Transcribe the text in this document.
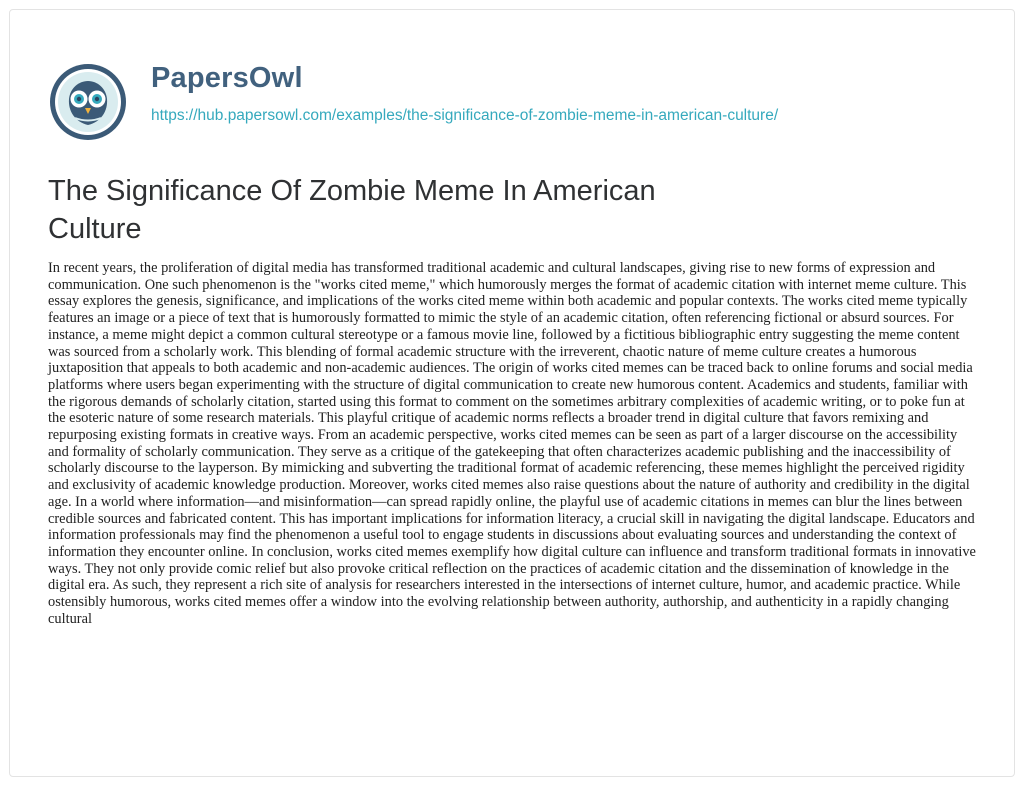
PapersOwl
https://hub.papersowl.com/examples/the-significance-of-zombie-meme-in-american-culture/
The Significance Of Zombie Meme In American Culture

In recent years, the proliferation of digital media has transformed traditional academic and cultural landscapes, giving rise to new forms of expression and communication. One such phenomenon is the "works cited meme," which humorously merges the format of academic citation with internet meme culture. This essay explores the genesis, significance, and implications of the works cited meme within both academic and popular contexts. The works cited meme typically features an image or a piece of text that is humorously formatted to mimic the style of an academic citation, often referencing fictional or absurd sources. For instance, a meme might depict a common cultural stereotype or a famous movie line, followed by a fictitious bibliographic entry suggesting the meme content was sourced from a scholarly work. This blending of formal academic structure with the irreverent, chaotic nature of meme culture creates a humorous juxtaposition that appeals to both academic and non-academic audiences. The origin of works cited memes can be traced back to online forums and social media platforms where users began experimenting with the structure of digital communication to create new humorous content. Academics and students, familiar with the rigorous demands of scholarly citation, started using this format to comment on the sometimes arbitrary complexities of academic writing, or to poke fun at the esoteric nature of some research materials. This playful critique of academic norms reflects a broader trend in digital culture that favors remixing and repurposing existing formats in creative ways. From an academic perspective, works cited memes can be seen as part of a larger discourse on the accessibility and formality of scholarly communication. They serve as a critique of the gatekeeping that often characterizes academic publishing and the inaccessibility of scholarly discourse to the layperson. By mimicking and subverting the traditional format of academic referencing, these memes highlight the perceived rigidity and exclusivity of academic knowledge production. Moreover, works cited memes also raise questions about the nature of authority and credibility in the digital age. In a world where information—and misinformation—can spread rapidly online, the playful use of academic citations in memes can blur the lines between credible sources and fabricated content. This has important implications for information literacy, a crucial skill in navigating the digital landscape. Educators and information professionals may find the phenomenon a useful tool to engage students in discussions about evaluating sources and understanding the context of information they encounter online. In conclusion, works cited memes exemplify how digital culture can influence and transform traditional formats in innovative ways. They not only provide comic relief but also provoke critical reflection on the practices of academic citation and the dissemination of knowledge in the digital era. As such, they represent a rich site of analysis for researchers interested in the intersections of internet culture, humor, and academic practice. While ostensibly humorous, works cited memes offer a window into the evolving relationship between authority, authorship, and authenticity in a rapidly changing cultural
